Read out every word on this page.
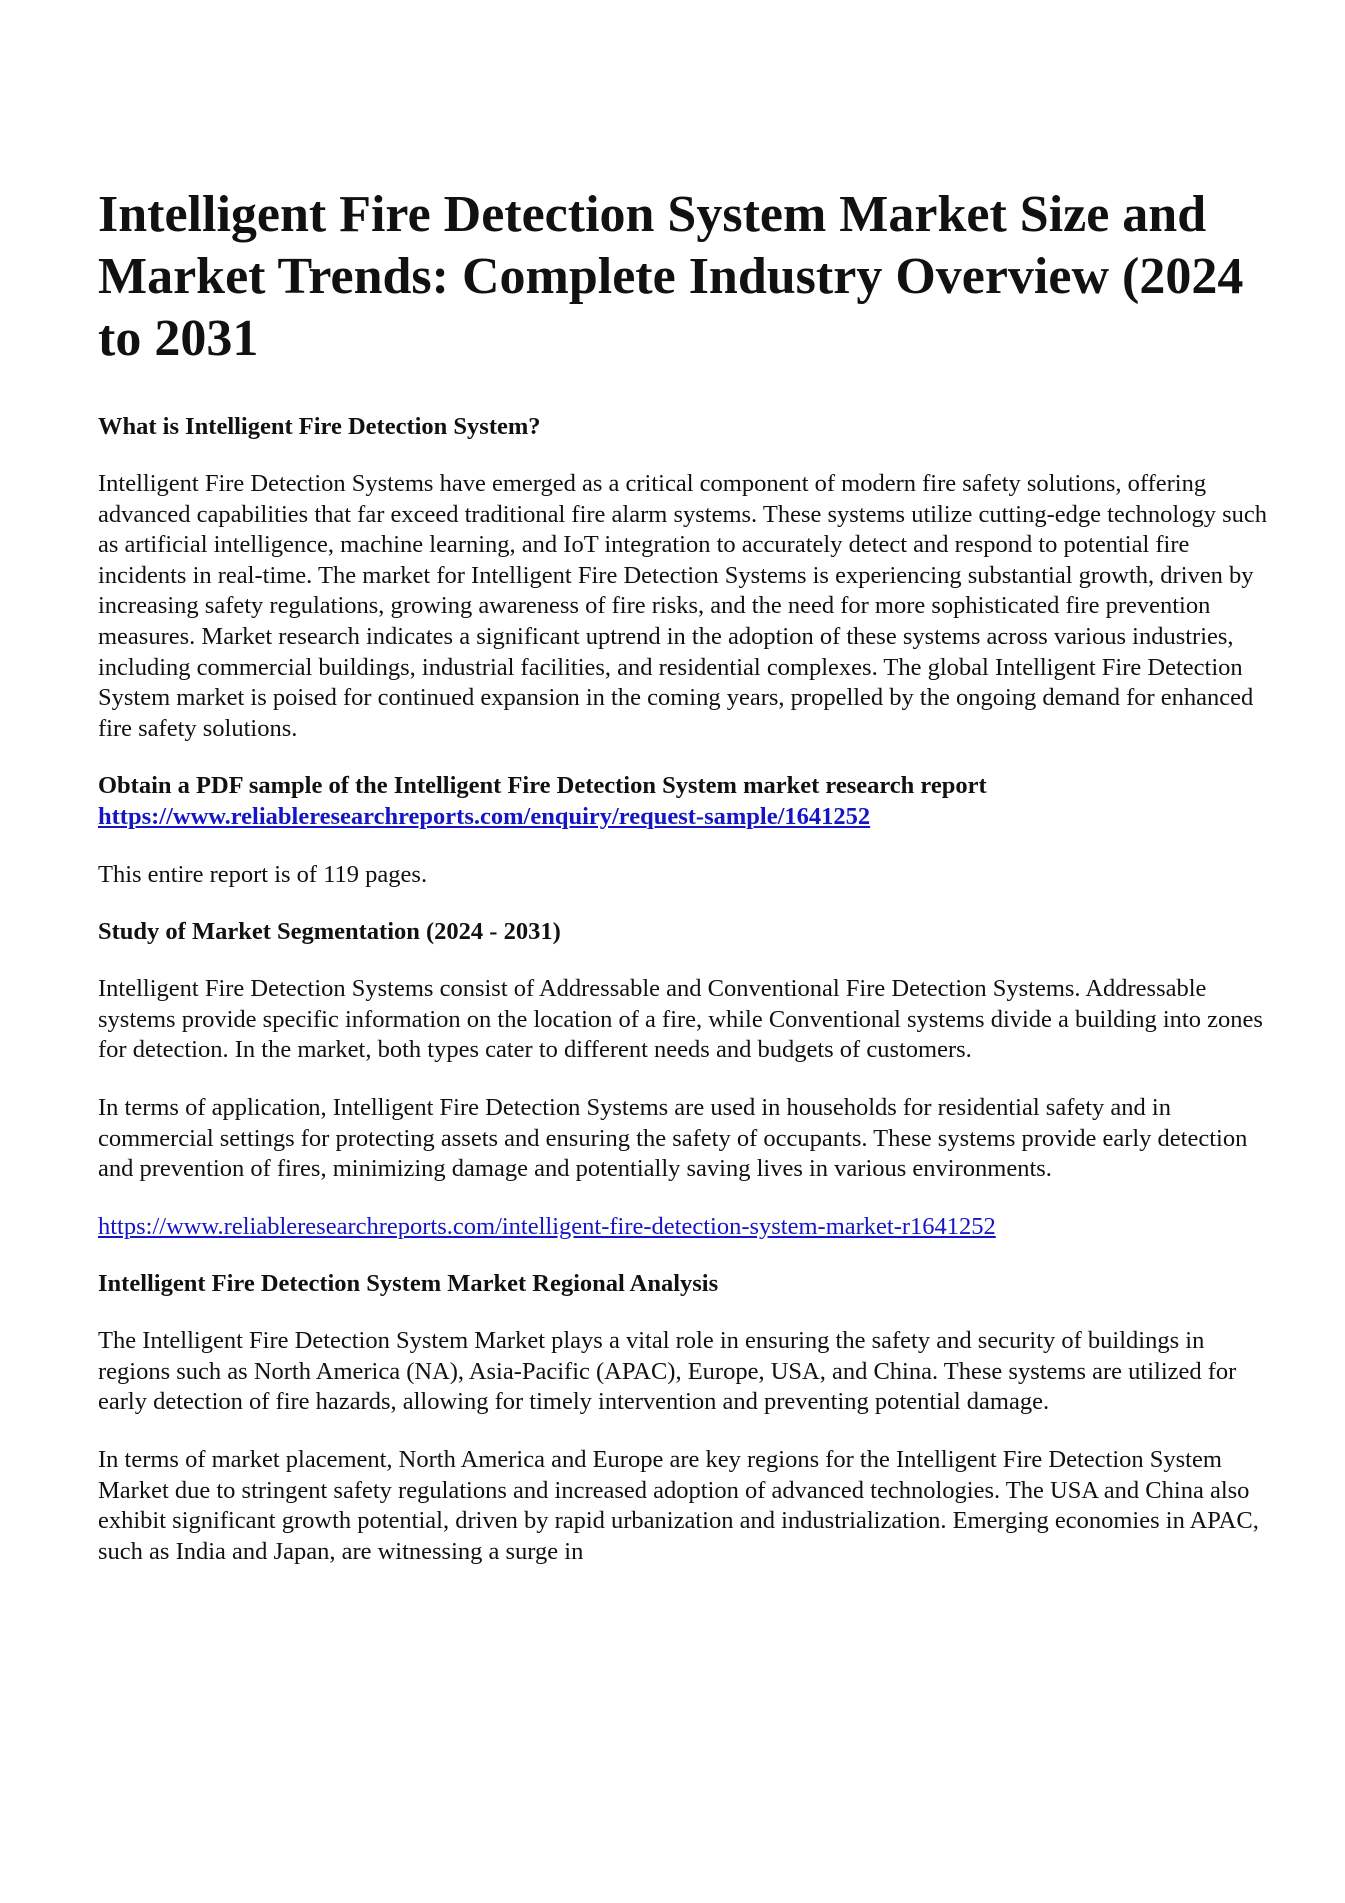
Intelligent Fire Detection System Market Size and Market Trends: Complete Industry Overview (2024 to 2031
What is Intelligent Fire Detection System?

Intelligent Fire Detection Systems have emerged as a critical component of modern fire safety solutions, offering advanced capabilities that far exceed traditional fire alarm systems. These systems utilize cutting-edge technology such as artificial intelligence, machine learning, and IoT integration to accurately detect and respond to potential fire incidents in real-time. The market for Intelligent Fire Detection Systems is experiencing substantial growth, driven by increasing safety regulations, growing awareness of fire risks, and the need for more sophisticated fire prevention measures. Market research indicates a significant uptrend in the adoption of these systems across various industries, including commercial buildings, industrial facilities, and residential complexes. The global Intelligent Fire Detection System market is poised for continued expansion in the coming years, propelled by the ongoing demand for enhanced fire safety solutions.

Obtain a PDF sample of the Intelligent Fire Detection System market research report https://www.reliableresearchreports.com/enquiry/request-sample/1641252

This entire report is of 119 pages.

Study of Market Segmentation (2024 - 2031)

Intelligent Fire Detection Systems consist of Addressable and Conventional Fire Detection Systems. Addressable systems provide specific information on the location of a fire, while Conventional systems divide a building into zones for detection. In the market, both types cater to different needs and budgets of customers.

In terms of application, Intelligent Fire Detection Systems are used in households for residential safety and in commercial settings for protecting assets and ensuring the safety of occupants. These systems provide early detection and prevention of fires, minimizing damage and potentially saving lives in various environments.

https://www.reliableresearchreports.com/intelligent-fire-detection-system-market-r1641252

Intelligent Fire Detection System Market Regional Analysis

The Intelligent Fire Detection System Market plays a vital role in ensuring the safety and security of buildings in regions such as North America (NA), Asia-Pacific (APAC), Europe, USA, and China. These systems are utilized for early detection of fire hazards, allowing for timely intervention and preventing potential damage.

In terms of market placement, North America and Europe are key regions for the Intelligent Fire Detection System Market due to stringent safety regulations and increased adoption of advanced technologies. The USA and China also exhibit significant growth potential, driven by rapid urbanization and industrialization. Emerging economies in APAC, such as India and Japan, are witnessing a surge in
